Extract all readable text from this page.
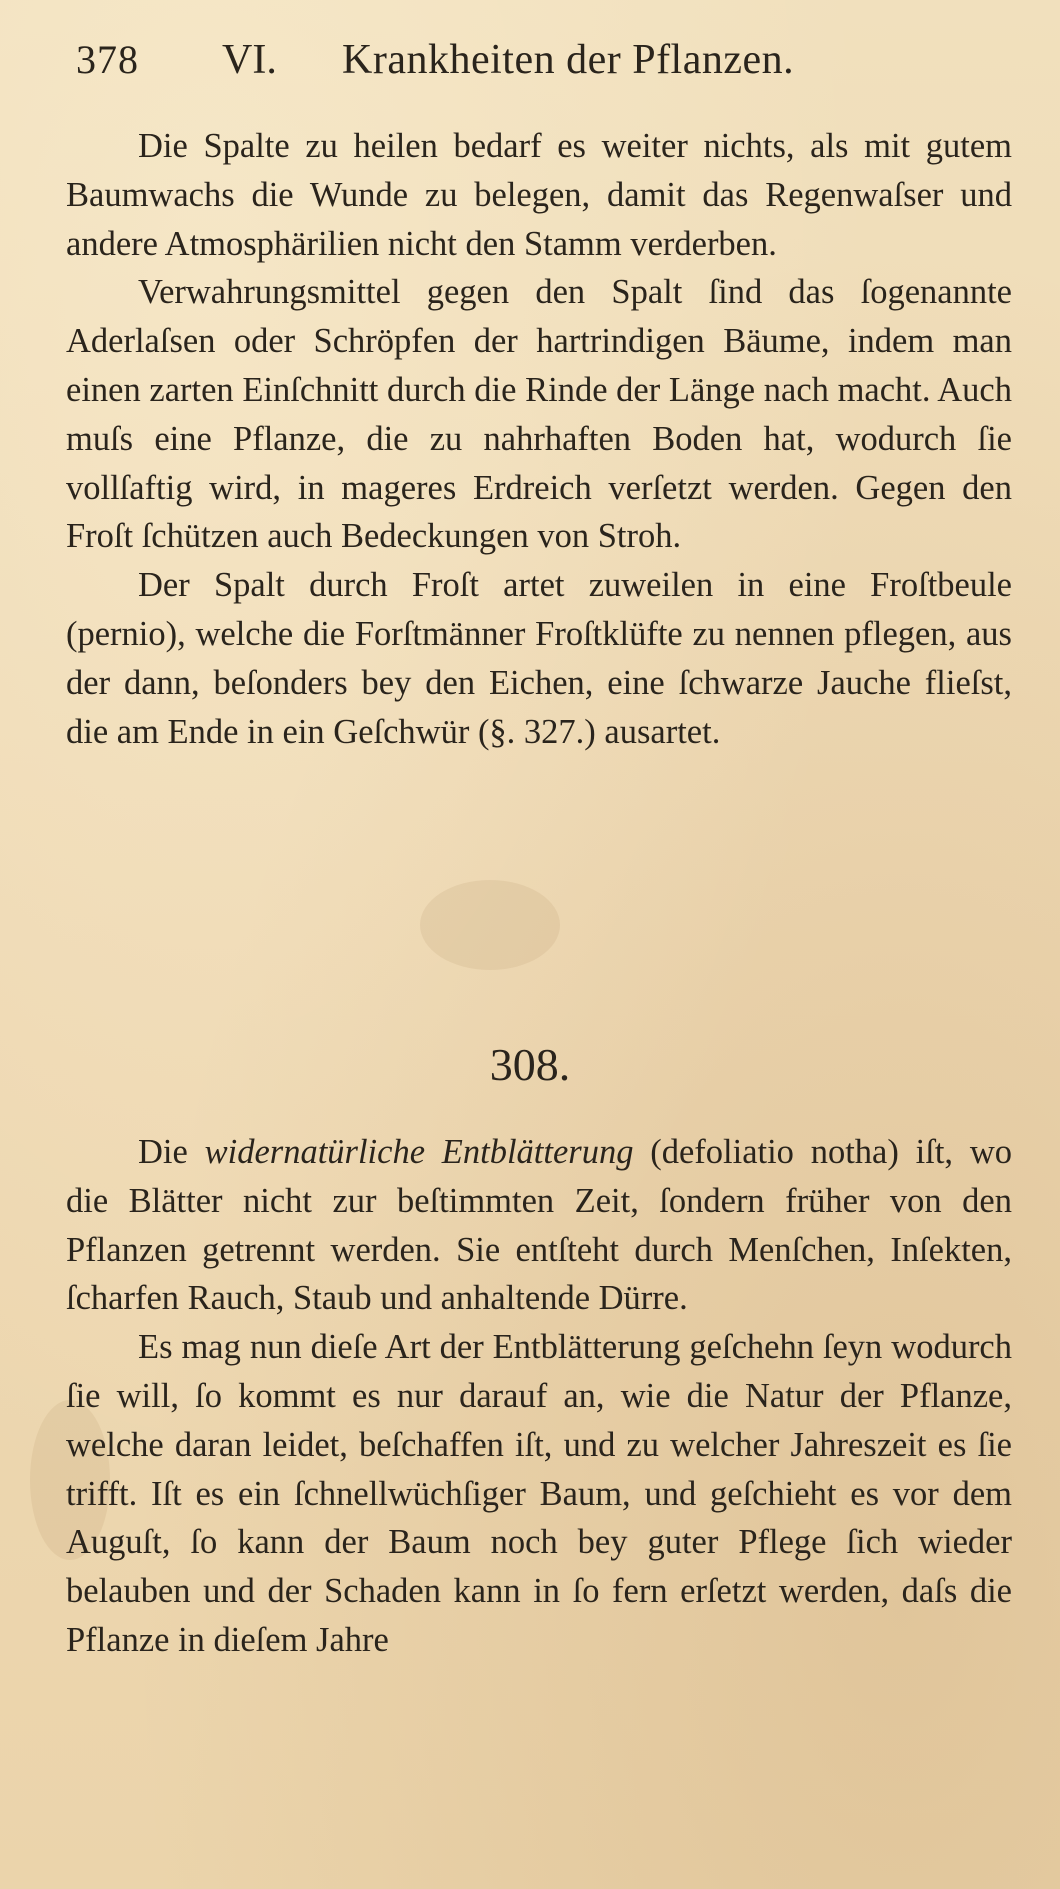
378 VI. Krankheiten der Pflanzen.

Die Spalte zu heilen bedarf es weiter nichts, als mit gutem Baumwachs die Wunde zu belegen, damit das Regenwaſser und andere Atmosphärilien nicht den Stamm verderben.

Verwahrungsmittel gegen den Spalt ſind das ſogenannte Aderlaſsen oder Schröpfen der hartrindigen Bäume, indem man einen zarten Einſchnitt durch die Rinde der Länge nach macht. Auch muſs eine Pflanze, die zu nahrhaften Boden hat, wodurch ſie vollſaftig wird, in mageres Erdreich verſetzt werden. Gegen den Froſt ſchützen auch Bedeckungen von Stroh.

Der Spalt durch Froſt artet zuweilen in eine Froſtbeule (pernio), welche die Forſtmänner Froſtklüfte zu nennen pflegen, aus der dann, beſonders bey den Eichen, eine ſchwarze Jauche flieſst, die am Ende in ein Geſchwür (§. 327.) ausartet.

308.

Die widernatürliche Entblätterung (defoliatio notha) iſt, wo die Blätter nicht zur beſtimmten Zeit, ſondern früher von den Pflanzen getrennt werden. Sie entſteht durch Menſchen, Inſekten, ſcharfen Rauch, Staub und anhaltende Dürre.

Es mag nun dieſe Art der Entblätterung geſchehn ſeyn wodurch ſie will, ſo kommt es nur darauf an, wie die Natur der Pflanze, welche daran leidet, beſchaffen iſt, und zu welcher Jahreszeit es ſie trifft. Iſt es ein ſchnellwüchſiger Baum, und geſchieht es vor dem Auguſt, ſo kann der Baum noch bey guter Pflege ſich wieder belauben und der Schaden kann in ſo fern erſetzt werden, daſs die Pflanze in dieſem Jahre
